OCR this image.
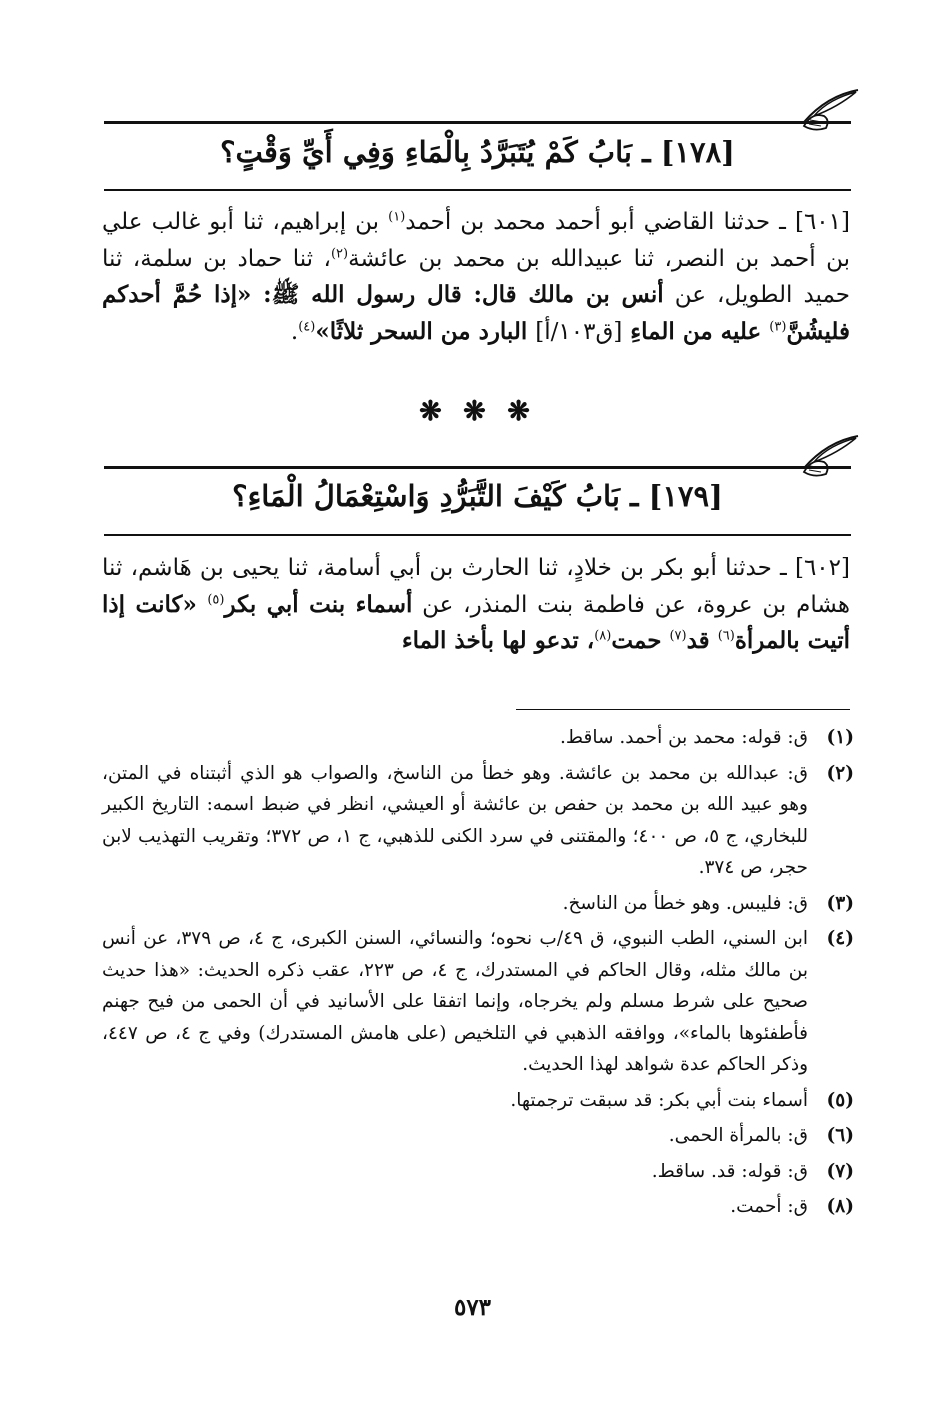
[١٧٨] ـ بَابُ كَمْ يُتَبَرَّدُ بِالْمَاءِ وَفِي أَيِّ وَقْتٍ؟
[٦٠١] ـ حدثنا القاضي أبو أحمد محمد بن أحمد$^{(١)}$ بن إبراهيم، ثنا أبو غالب علي بن أحمد بن النصر، ثنا عبيدالله بن محمد بن عائشة$^{(٢)}$، ثنا حماد بن سلمة، ثنا حميد الطويل، عن أنس بن مالك قال: قال رسول الله ﷺ: «إذا حُمَّ أحدكم فليشُنَّ$^{(٣)}$ عليه من الماءِ [ق١٠٣/أ] البارد من السحر ثلاثًا»$^{(٤)}$.
❋ ❋ ❋
[١٧٩] ـ بَابُ كَيْفَ التَّبَرُّدِ وَاسْتِعْمَالُ الْمَاءِ؟
[٦٠٢] ـ حدثنا أبو بكر بن خلادٍ، ثنا الحارث بن أبي أسامة، ثنا يحيى بن هَاشم، ثنا هشام بن عروة، عن فاطمة بنت المنذر، عن أسماء بنت أبي بكر$^{(٥)}$ «كانت إذا أتيت بالمرأة$^{(٦)}$ قد$^{(٧)}$ حمت$^{(٨)}$، تدعو لها بأخذ الماء
(١)
ق: قوله: محمد بن أحمد. ساقط.
(٢)
ق: عبدالله بن محمد بن عائشة. وهو خطأ من الناسخ، والصواب هو الذي أثبتناه في المتن، وهو عبيد الله بن محمد بن حفص بن عائشة أو العيشي، انظر في ضبط اسمه: التاريخ الكبير للبخاري، ج ٥، ص ٤٠٠؛ والمقتنى في سرد الكنى للذهبي، ج ١، ص ٣٧٢؛ وتقريب التهذيب لابن حجر، ص ٣٧٤.
(٣)
ق: فليبس. وهو خطأ من الناسخ.
(٤)
ابن السني، الطب النبوي، ق ٤٩/ب نحوه؛ والنسائي، السنن الكبرى، ج ٤، ص ٣٧٩، عن أنس بن مالك مثله، وقال الحاكم في المستدرك، ج ٤، ص ٢٢٣، عقب ذكره الحديث: «هذا حديث صحيح على شرط مسلم ولم يخرجاه، وإنما اتفقا على الأسانيد في أن الحمى من فيح جهنم فأطفئوها بالماء»، ووافقه الذهبي في التلخيص (على هامش المستدرك) وفي ج ٤، ص ٤٤٧، وذكر الحاكم عدة شواهد لهذا الحديث.
(٥)
أسماء بنت أبي بكر: قد سبقت ترجمتها.
(٦)
ق: بالمرأة الحمى.
(٧)
ق: قوله: قد. ساقط.
(٨)
ق: أحمت.
٥٧٣
